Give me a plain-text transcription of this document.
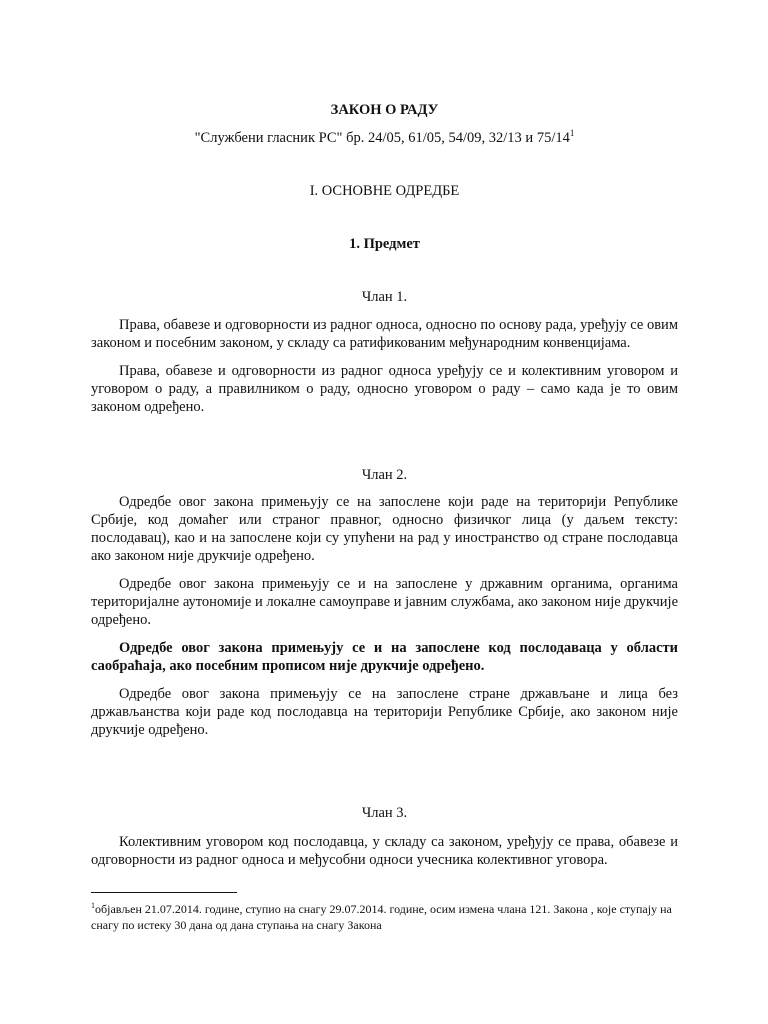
ЗАКОН О РАДУ
"Службени гласник РС" бр. 24/05, 61/05, 54/09, 32/13 и $75/14^1$
I. ОСНОВНЕ ОДРЕДБЕ
1. Предмет
Члан 1.

Права, обавезе и одговорности из радног односа, односно по основу рада, уређују се овим законом и посебним законом, у складу са ратификованим међународним конвенцијама.

Права, обавезе и одговорности из радног односа уређују се и колективним уговором и уговором о раду, а правилником о раду, односно уговором о раду – само када је то овим законом одређено.

Члан 2.

Одредбе овог закона примењују се на запослене који раде на територији Републике Србије, код домаћег или страног правног, односно физичког лица (у даљем тексту: послодавац), као и на запослене који су упућени на рад у иностранство од стране послодавца ако законом није друкчије одређено.

Одредбе овог закона примењују се и на запослене у државним органима, органима територијалне аутономије и локалне самоуправе и јавним службама, ако законом није друкчије одређено.

Одредбе овог закона примењују се и на запослене код послодаваца у области саобраћаја, ако посебним прописом није друкчије одређено.

Одредбе овог закона примењују се на запослене стране држављане и лица без држављанства који раде код послодавца на територији Републике Србије, ако законом није друкчије одређено.

Члан 3.

Колективним уговором код послодавца, у складу са законом, уређују се права, обавезе и одговорности из радног односа и међусобни односи учесника колективног уговора.

$^1$објављен 21.07.2014. године, ступио на снагу 29.07.2014. године, осим измена члана 121. Закона , које ступају на снагу по истеку 30 дана од дана ступања на снагу Закона
